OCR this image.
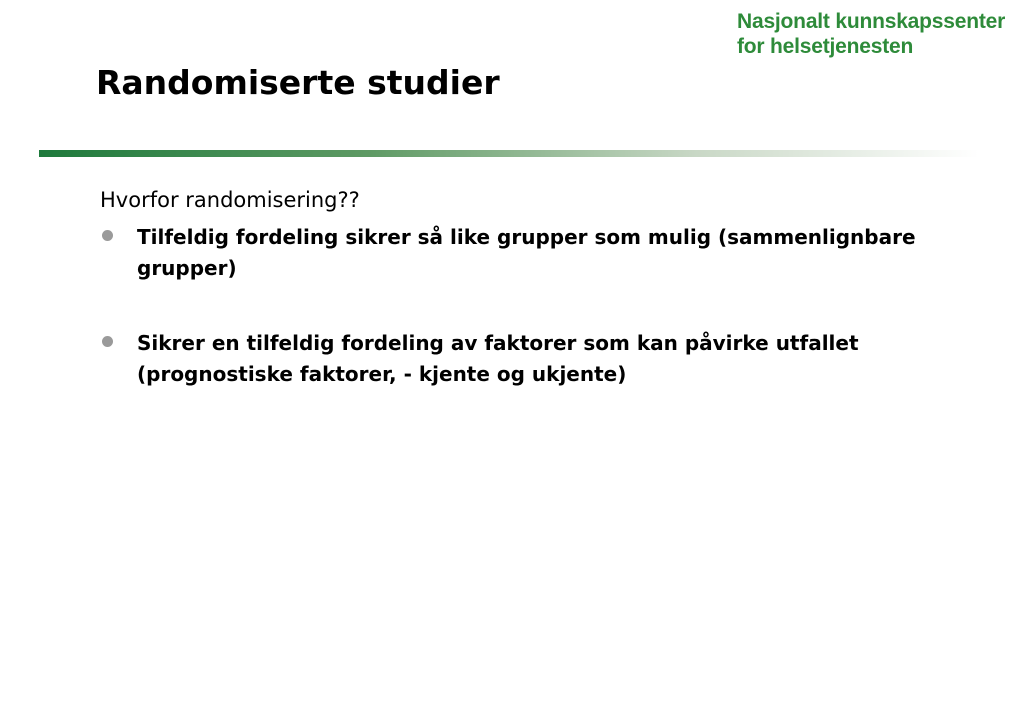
Nasjonalt kunnskapssenter
for helsetjenesten
Randomiserte studier
Hvorfor randomisering??
Tilfeldig fordeling sikrer så like grupper som mulig (sammenlignbare grupper)
Sikrer en tilfeldig fordeling av faktorer som kan påvirke utfallet (prognostiske faktorer, - kjente og ukjente)
